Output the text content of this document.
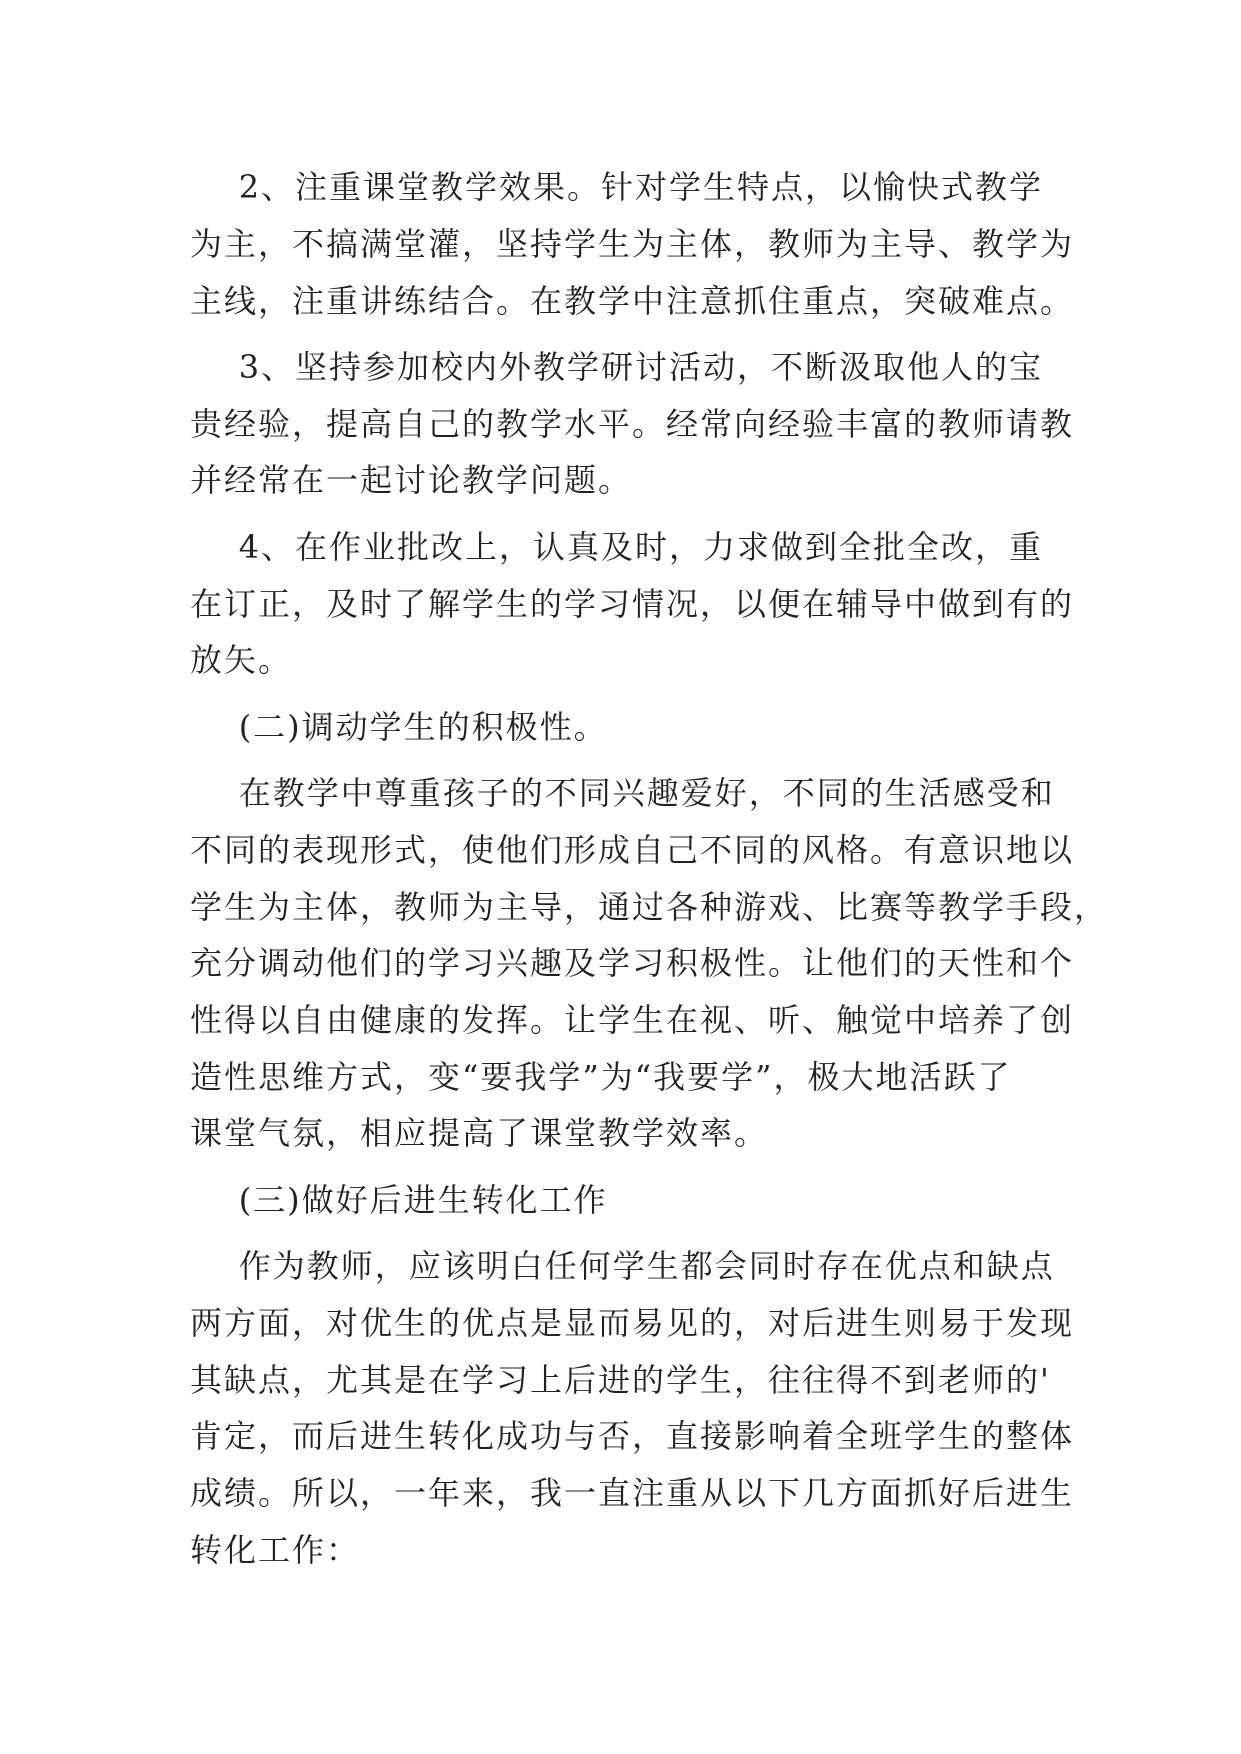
2、注重课堂教学效果。针对学生特点，以愉快式教学
为主，不搞满堂灌，坚持学生为主体，教师为主导、教学为
主线，注重讲练结合。在教学中注意抓住重点，突破难点。
3、坚持参加校内外教学研讨活动，不断汲取他人的宝
贵经验，提高自己的教学水平。经常向经验丰富的教师请教
并经常在一起讨论教学问题。
4、在作业批改上，认真及时，力求做到全批全改，重
在订正，及时了解学生的学习情况，以便在辅导中做到有的
放矢。
(二)调动学生的积极性。
在教学中尊重孩子的不同兴趣爱好，不同的生活感受和
不同的表现形式，使他们形成自己不同的风格。有意识地以
学生为主体，教师为主导，通过各种游戏、比赛等教学手段，
充分调动他们的学习兴趣及学习积极性。让他们的天性和个
性得以自由健康的发挥。让学生在视、听、触觉中培养了创
造性思维方式，变“要我学”为“我要学”，极大地活跃了
课堂气氛，相应提高了课堂教学效率。
(三)做好后进生转化工作
作为教师，应该明白任何学生都会同时存在优点和缺点
两方面，对优生的优点是显而易见的，对后进生则易于发现
其缺点，尤其是在学习上后进的学生，往往得不到老师的'
肯定，而后进生转化成功与否，直接影响着全班学生的整体
成绩。所以，一年来，我一直注重从以下几方面抓好后进生
转化工作：
